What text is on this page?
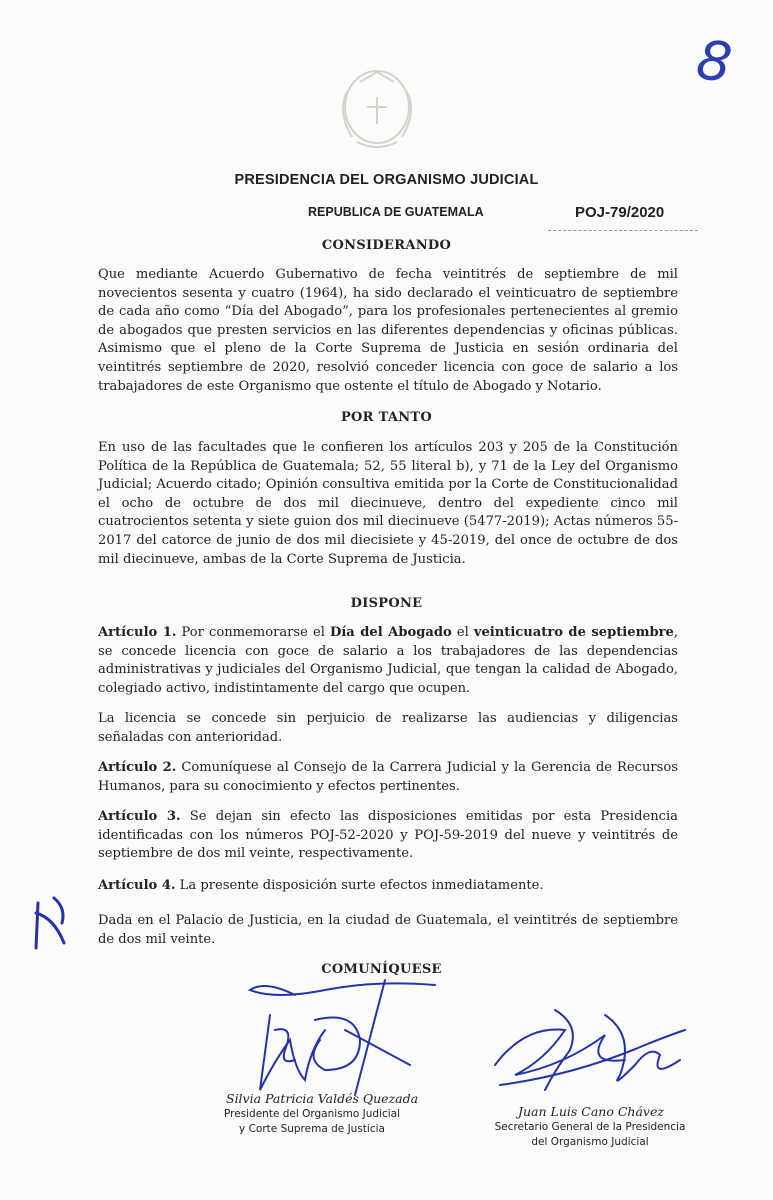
8
PRESIDENCIA DEL ORGANISMO JUDICIAL
REPUBLICA DE GUATEMALA	POJ-79/2020
CONSIDERANDO
Que mediante Acuerdo Gubernativo de fecha veintitrés de septiembre de mil novecientos sesenta y cuatro (1964), ha sido declarado el veinticuatro de septiembre de cada año como “Día del Abogado”, para los profesionales pertenecientes al gremio de abogados que presten servicios en las diferentes dependencias y oficinas públicas. Asimismo que el pleno de la Corte Suprema de Justicia en sesión ordinaria del veintitrés septiembre de 2020, resolvió conceder licencia con goce de salario a los trabajadores de este Organismo que ostente el título de Abogado y Notario.
POR TANTO
En uso de las facultades que le confieren los artículos 203 y 205 de la Constitución Política de la República de Guatemala; 52, 55 literal b), y 71 de la Ley del Organismo Judicial; Acuerdo citado; Opinión consultiva emitida por la Corte de Constitucionalidad el ocho de octubre de dos mil diecinueve, dentro del expediente cinco mil cuatrocientos setenta y siete guion dos mil diecinueve (5477-2019); Actas números 55-2017 del catorce de junio de dos mil diecisiete y 45-2019, del once de octubre de dos mil diecinueve, ambas de la Corte Suprema de Justicia.
DISPONE
Artículo 1. Por conmemorarse el Día del Abogado el veinticuatro de septiembre, se concede licencia con goce de salario a los trabajadores de las dependencias administrativas y judiciales del Organismo Judicial, que tengan la calidad de Abogado, colegiado activo, indistintamente del cargo que ocupen.
La licencia se concede sin perjuicio de realizarse las audiencias y diligencias señaladas con anterioridad.
Artículo 2. Comuníquese al Consejo de la Carrera Judicial y la Gerencia de Recursos Humanos, para su conocimiento y efectos pertinentes.
Artículo 3. Se dejan sin efecto las disposiciones emitidas por esta Presidencia identificadas con los números POJ-52-2020 y POJ-59-2019 del nueve y veintitrés de septiembre de dos mil veinte, respectivamente.
Artículo 4. La presente disposición surte efectos inmediatamente.
Dada en el Palacio de Justicia, en la ciudad de Guatemala, el veintitrés de septiembre de dos mil veinte.
COMUNÍQUESE
Silvia Patricia Valdés Quezada
Presidente del Organismo Judicial
y Corte Suprema de Justicia
Juan Luis Cano Chávez
Secretario General de la Presidencia
del Organismo Judicial
